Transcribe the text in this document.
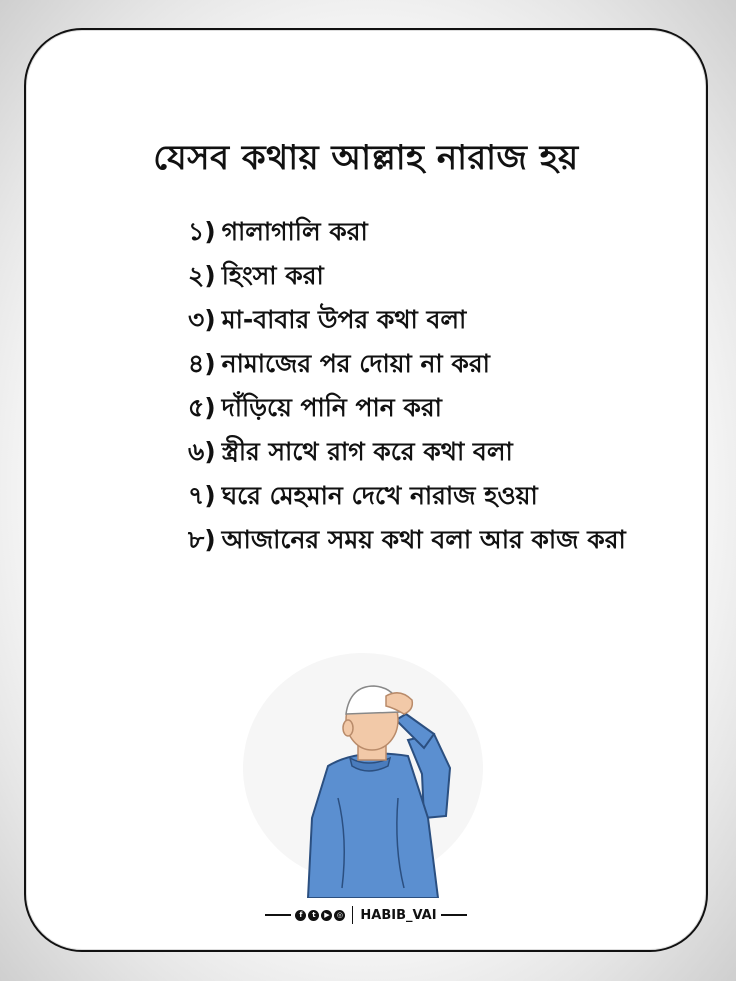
যেসব কথায় আল্লাহ নারাজ হয়
১) গালাগালি করা
২) হিংসা করা
৩) মা-বাবার উপর কথা বলা
৪) নামাজের পর দোয়া না করা
৫) দাঁড়িয়ে পানি পান করা
৬) স্ত্রীর সাথে রাগ করে কথা বলা
৭) ঘরে মেহমান দেখে নারাজ হওয়া
৮) আজানের সময় কথা বলা আর কাজ করা
f	t	▶	◎ HABIB_VAI
